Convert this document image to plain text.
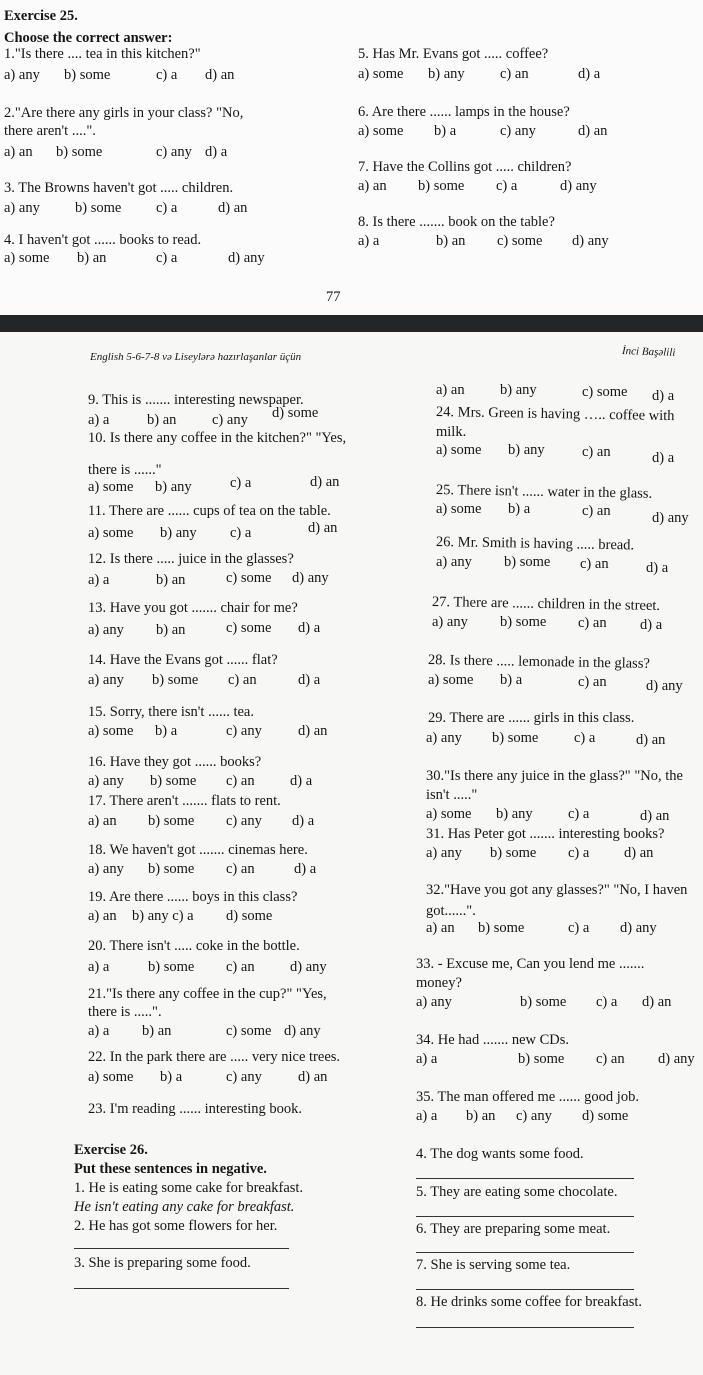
Exercise 25.
Choose the correct answer:
1."Is there .... tea in this kitchen?"
a) any b) some	c) a d) an
2."Are there any girls in your class? "No,
there aren't ....".
a) an b) some	c) any d) a
3. The Browns haven't got ..... children.
a) any b) some c) a	d) an
4. I haven't got ...... books to read.
a) some b) an	c) a	d) any
5. Has Mr. Evans got ..... coffee?
a) some b) any c) an	d) a
6. Are there ...... lamps in the house?
a) some b) a	c) any	d) an
7. Have the Collins got ..... children?
a) an b) some c) a	d) any
8. Is there ....... book on the table?
a) a	b) an c) some d) any
77
English 5-6-7-8 və Liseylərə hazırlaşanlar üçün	İnci Başəlili
9. This is ....... interesting newspaper.
a) a	b) an c) any d) some
10. Is there any coffee in the kitchen?" "Yes,
there is ......"
a) some b) any	c) a	d) an
11. There are ...... cups of tea on the table.
a) some b) any c) a	d) an
12. Is there ..... juice in the glasses?
a) a	b) an	c) some d) any
13. Have you got ....... chair for me?
a) any b) an	c) some d) a
14. Have the Evans got ...... flat?
a) any b) some c) an	d) a
15. Sorry, there isn't ...... tea.
a) some b) a	c) any d) an
16. Have they got ...... books?
a) any b) some c) an d) a
17. There aren't ....... flats to rent.
a) an b) some c) any d) a
18. We haven't got ....... cinemas here.
a) any b) some c) an	d) a
19. Are there ...... boys in this class?
a) an b) any c) a d) some
20. There isn't ..... coke in the bottle.
a) a	b) some c) an d) any
21."Is there any coffee in the cup?" "Yes,
there is .....".
a) a b) an	c) some d) any
22. In the park there are ..... very nice trees.
a) some b) a	c) any d) an
23. I'm reading ...... interesting book.
a) an b) any	c) some d) a
24. Mrs. Green is having ….. coffee with
milk.
a) some b) any	c) an	d) a
25. There isn't ...... water in the glass.
a) some b) a	c) an	d) any
26. Mr. Smith is having ..... bread.
a) any b) some c) an	d) a
27. There are ...... children in the street.
a) any b) some c) an d) a
28. Is there ..... lemonade in the glass?
a) some b) a	c) an	d) any
29. There are ...... girls in this class.
a) any b) some c) a	d) an
30."Is there any juice in the glass?" "No, the
isn't ....."
a) some b) any c) a	d) an
31. Has Peter got ....... interesting books?
a) any b) some c) a d) an
32."Have you got any glasses?" "No, I haven
got......".
a) an b) some	c) a d) any
33. - Excuse me, Can you lend me .......
money?
a) any	b) some c) a d) an
34. He had ....... new CDs.
a) a	b) some c) an d) any
35. The man offered me ...... good job.
a) a b) an c) any d) some
Exercise 26.
Put these sentences in negative.
1. He is eating some cake for breakfast.
He isn't eating any cake for breakfast.
2. He has got some flowers for her.
3. She is preparing some food.
4. The dog wants some food.
5. They are eating some chocolate.
6. They are preparing some meat.
7. She is serving some tea.
8. He drinks some coffee for breakfast.
